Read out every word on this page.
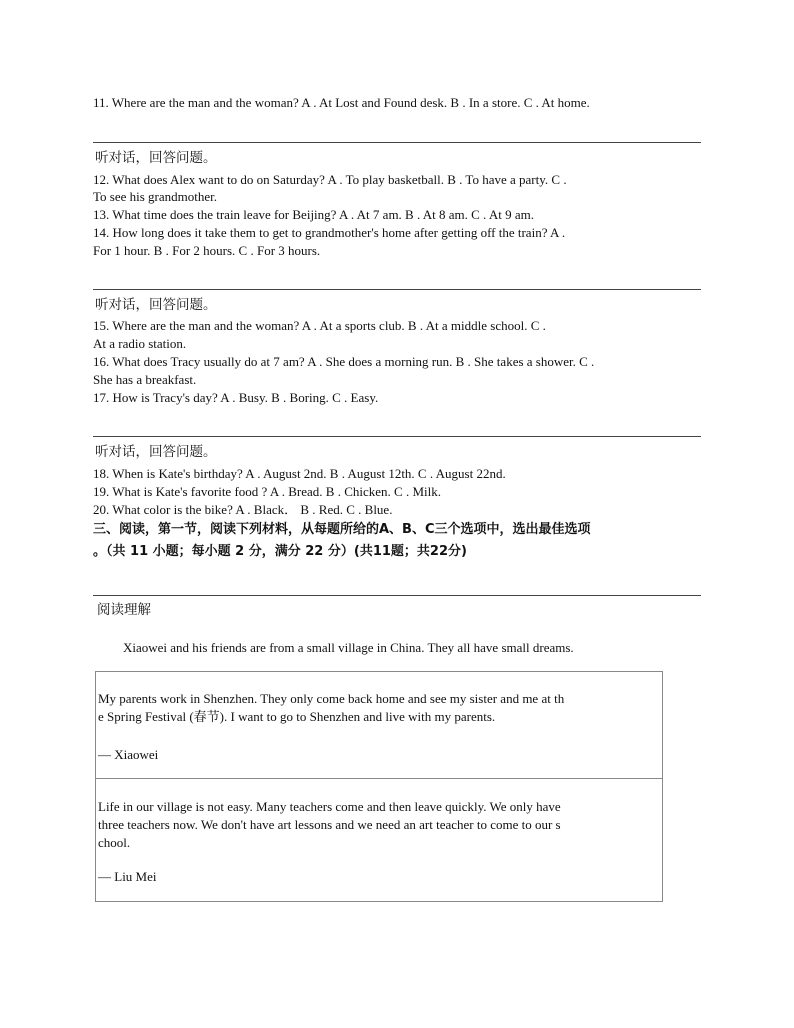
11. Where are the man and the woman? A . At Lost and Found desk. B . In a store. C . At home.
听对话，回答问题。
12. What does Alex want to do on Saturday? A . To play basketball. B . To have a party. C .
To see his grandmother.
13. What time does the train leave for Beijing? A . At 7 am. B . At 8 am. C . At 9 am.
14. How long does it take them to get to grandmother's home after getting off the train? A .
For 1 hour. B . For 2 hours. C . For 3 hours.
听对话，回答问题。
15. Where are the man and the woman? A . At a sports club. B . At a middle school. C .
At a radio station.
16. What does Tracy usually do at 7 am? A . She does a morning run. B . She takes a shower. C .
She has a breakfast.
17. How is Tracy's day? A . Busy. B . Boring. C . Easy.
听对话，回答问题。
18. When is Kate's birthday? A . August 2nd. B . August 12th. C . August 22nd.
19. What is Kate's favorite food ? A . Bread. B . Chicken. C . Milk.
20. What color is the bike? A . Black． B . Red. C . Blue.
三、阅读，第一节，阅读下列材料，从每题所给的A、B、C三个选项中，选出最佳选项
。（共 11 小题；每小题 2 分，满分 22 分）(共11题；共22分)
阅读理解
Xiaowei and his friends are from a small village in China. They all have small dreams.
My parents work in Shenzhen. They only come back home and see my sister and me at th
e Spring Festival (春节). I want to go to Shenzhen and live with my parents.
— Xiaowei
Life in our village is not easy. Many teachers come and then leave quickly. We only have
three teachers now. We don't have art lessons and we need an art teacher to come to our s
chool.
— Liu Mei
